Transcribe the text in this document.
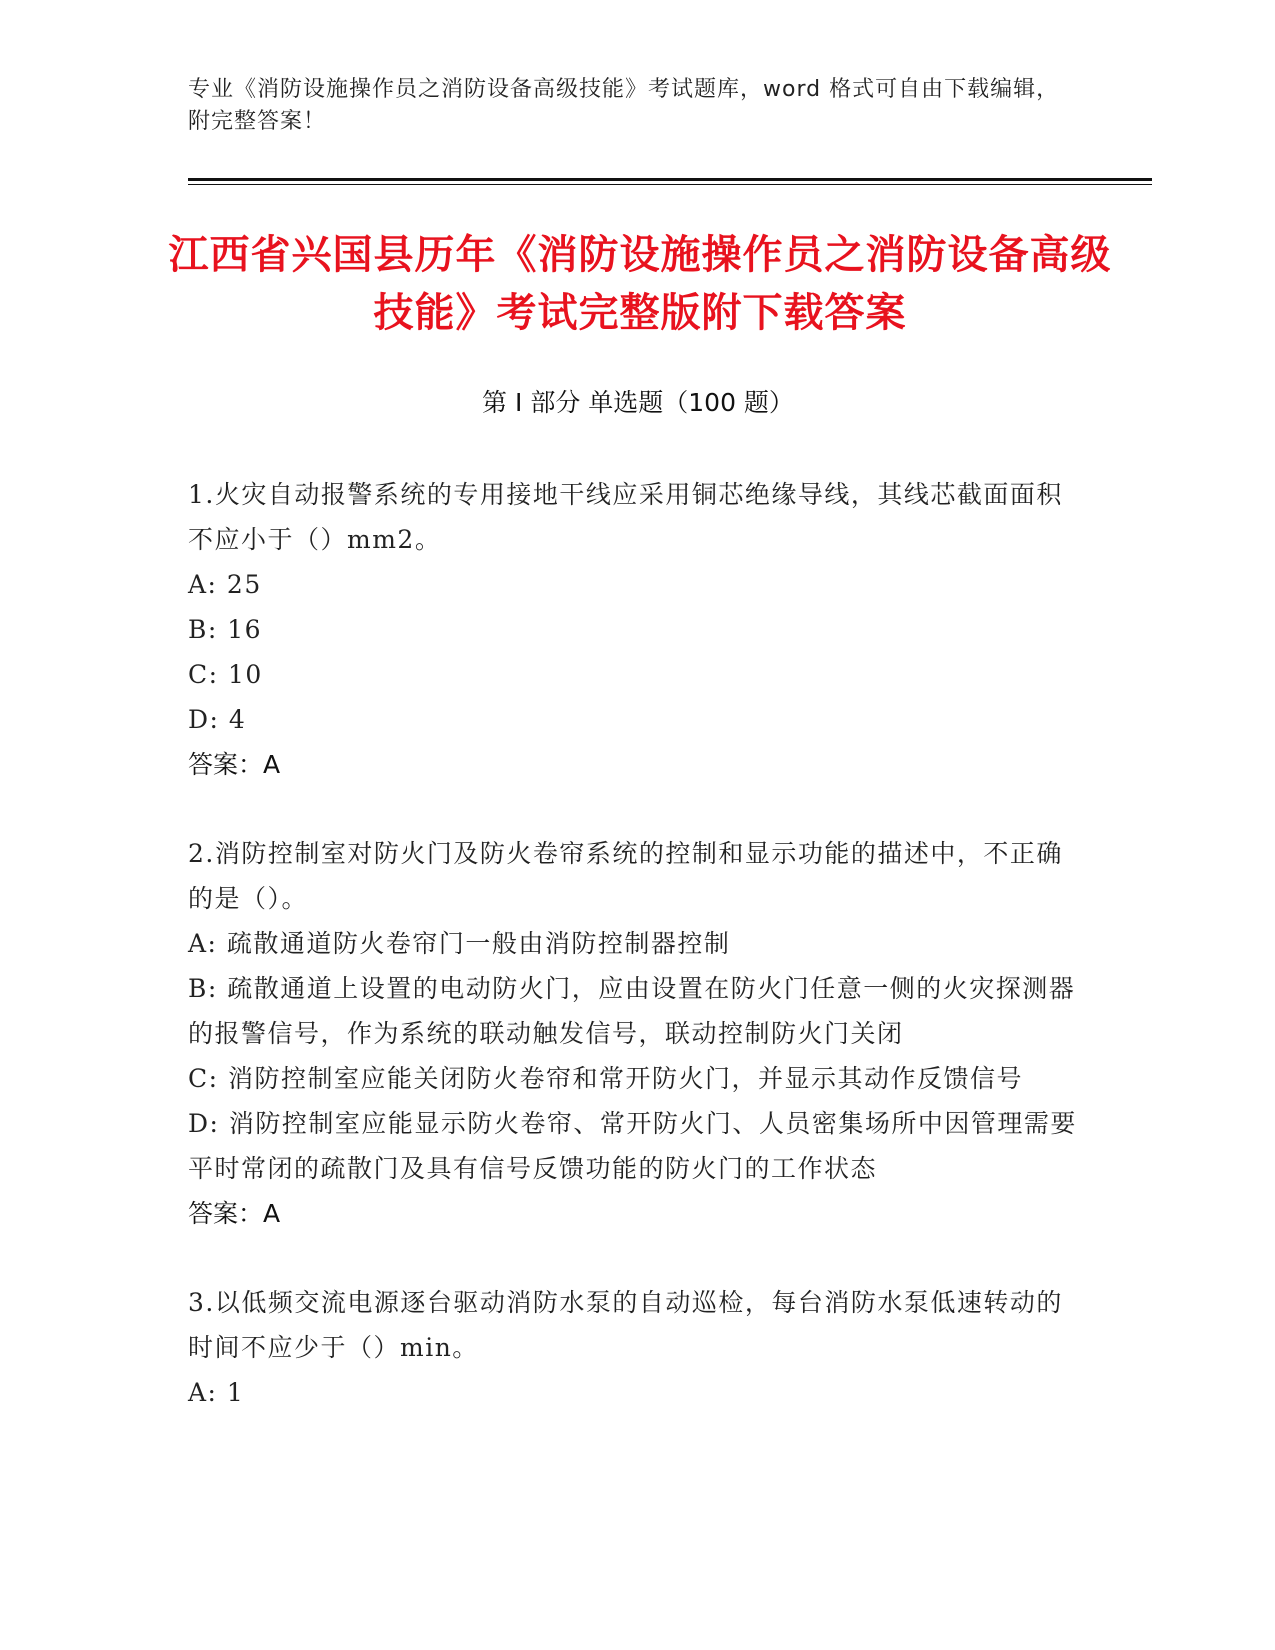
专业《消防设施操作员之消防设备高级技能》考试题库，word 格式可自由下载编辑，附完整答案！
江西省兴国县历年《消防设施操作员之消防设备高级技能》考试完整版附下载答案
第 I 部分 单选题（100 题）
1.火灾自动报警系统的专用接地干线应采用铜芯绝缘导线，其线芯截面面积不应小于（）mm2。
A: 25
B: 16
C: 10
D: 4
答案：A
2.消防控制室对防火门及防火卷帘系统的控制和显示功能的描述中，不正确的是（）。
A: 疏散通道防火卷帘门一般由消防控制器控制
B: 疏散通道上设置的电动防火门，应由设置在防火门任意一侧的火灾探测器的报警信号，作为系统的联动触发信号，联动控制防火门关闭
C: 消防控制室应能关闭防火卷帘和常开防火门，并显示其动作反馈信号
D: 消防控制室应能显示防火卷帘、常开防火门、人员密集场所中因管理需要平时常闭的疏散门及具有信号反馈功能的防火门的工作状态
答案：A
3.以低频交流电源逐台驱动消防水泵的自动巡检，每台消防水泵低速转动的时间不应少于（）min。
A: 1
